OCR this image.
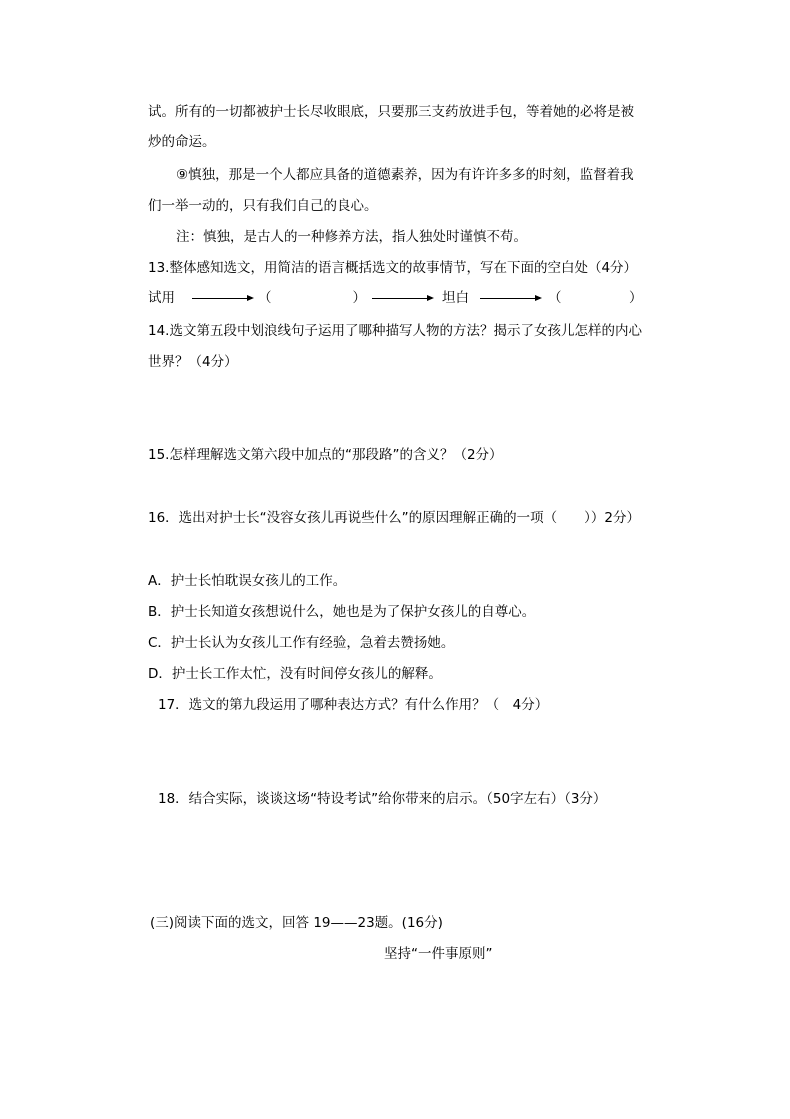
试。所有的一切都被护士长尽收眼底，只要那三支药放进手包，等着她的必将是被
炒的命运。
⑨慎独，那是一个人都应具备的道德素养，因为有许许多多的时刻，监督着我
们一举一动的，只有我们自己的良心。
注：慎独，是古人的一种修养方法，指人独处时谨慎不苟。
13.整体感知选文，用简洁的语言概括选文的故事情节，写在下面的空白处（4分）
试用	（　　　　　　）	坦白	（　　　　　）
14.选文第五段中划浪线句子运用了哪种描写人物的方法？揭示了女孩儿怎样的内心
世界？（4分）
15.怎样理解选文第六段中加点的“那段路”的含义？（2分）
16．选出对护士长“没容女孩儿再说些什么”的原因理解正确的一项（　　））2分）
A．护士长怕耽误女孩儿的工作。
B．护士长知道女孩想说什么，她也是为了保护女孩儿的自尊心。
C．护士长认为女孩儿工作有经验，急着去赞扬她。
D．护士长工作太忙，没有时间停女孩儿的解释。
17．选文的第九段运用了哪种表达方式？有什么作用？（　4分）
18．结合实际，谈谈这场“特设考试”给你带来的启示。（50字左右）（3分）
(三)阅读下面的选文，回答 19——23题。(16分)
坚持“一件事原则”
